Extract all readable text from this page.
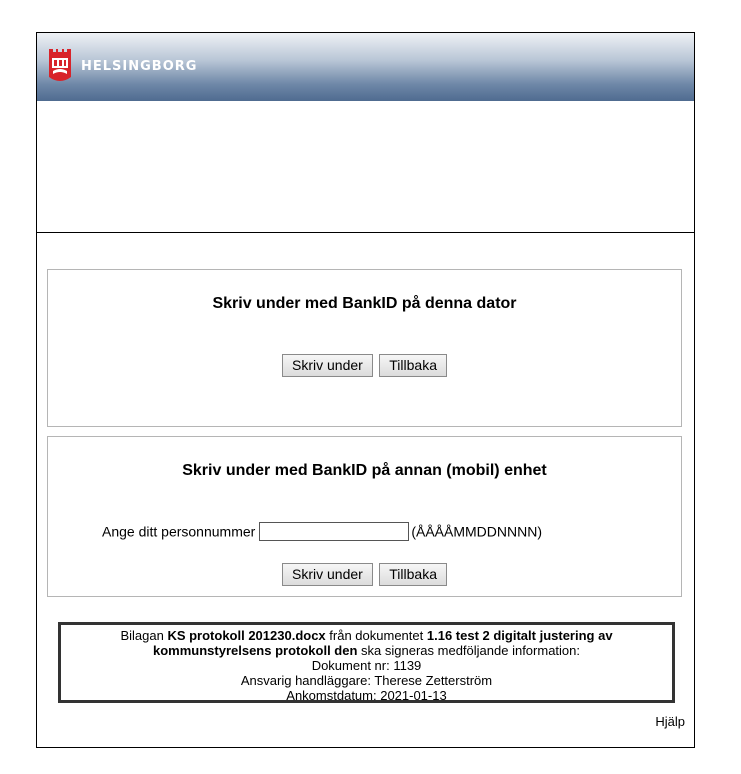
HELSINGBORG
Skriv under med BankID på denna dator
Skriv under Tillbaka
Skriv under med BankID på annan (mobil) enhet
Ange ditt personnummer	(ÅÅÅÅMMDDNNNN)
Skriv under Tillbaka
Bilagan KS protokoll 201230.docx från dokumentet 1.16 test 2 digitalt justering av kommunstyrelsens protokoll den ska signeras medföljande information:
Dokument nr: 1139
Ansvarig handläggare: Therese Zetterström
Ankomstdatum: 2021-01-13
Hjälp
